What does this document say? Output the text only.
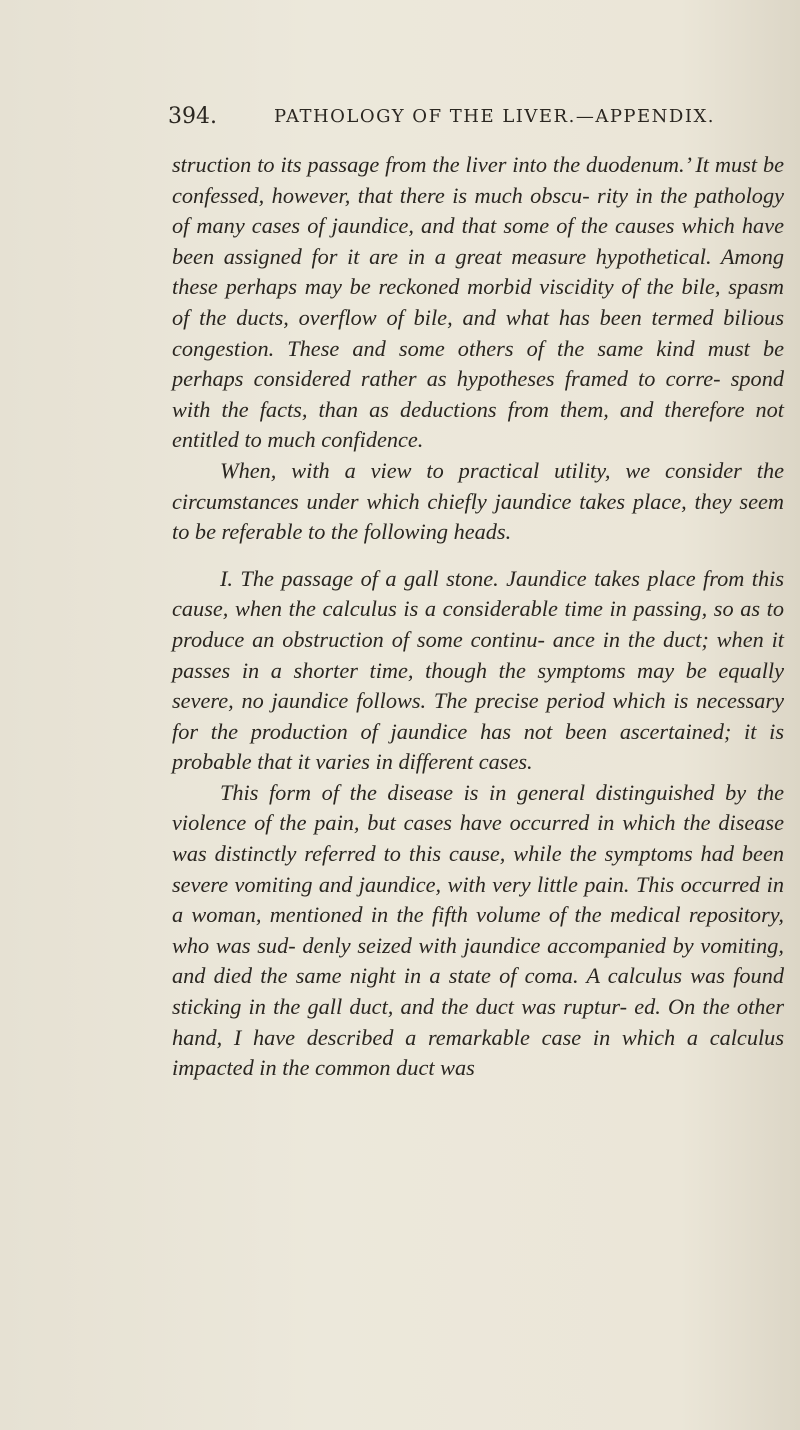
394.	PATHOLOGY OF THE LIVER.—APPENDIX.

struction to its passage from the liver into the duodenum.’ It must be confessed, however, that there is much obscu- rity in the pathology of many cases of jaundice, and that some of the causes which have been assigned for it are in a great measure hypothetical. Among these perhaps may be reckoned morbid viscidity of the bile, spasm of the ducts, overflow of bile, and what has been termed bilious congestion. These and some others of the same kind must be perhaps considered rather as hypotheses framed to corre- spond with the facts, than as deductions from them, and therefore not entitled to much confidence.

When, with a view to practical utility, we consider the circumstances under which chiefly jaundice takes place, they seem to be referable to the following heads.

I. The passage of a gall stone. Jaundice takes place from this cause, when the calculus is a considerable time in passing, so as to produce an obstruction of some continu- ance in the duct; when it passes in a shorter time, though the symptoms may be equally severe, no jaundice follows. The precise period which is necessary for the production of jaundice has not been ascertained; it is probable that it varies in different cases.

This form of the disease is in general distinguished by the violence of the pain, but cases have occurred in which the disease was distinctly referred to this cause, while the symptoms had been severe vomiting and jaundice, with very little pain. This occurred in a woman, mentioned in the fifth volume of the medical repository, who was sud- denly seized with jaundice accompanied by vomiting, and died the same night in a state of coma. A calculus was found sticking in the gall duct, and the duct was ruptur- ed. On the other hand, I have described a remarkable case in which a calculus impacted in the common duct was
